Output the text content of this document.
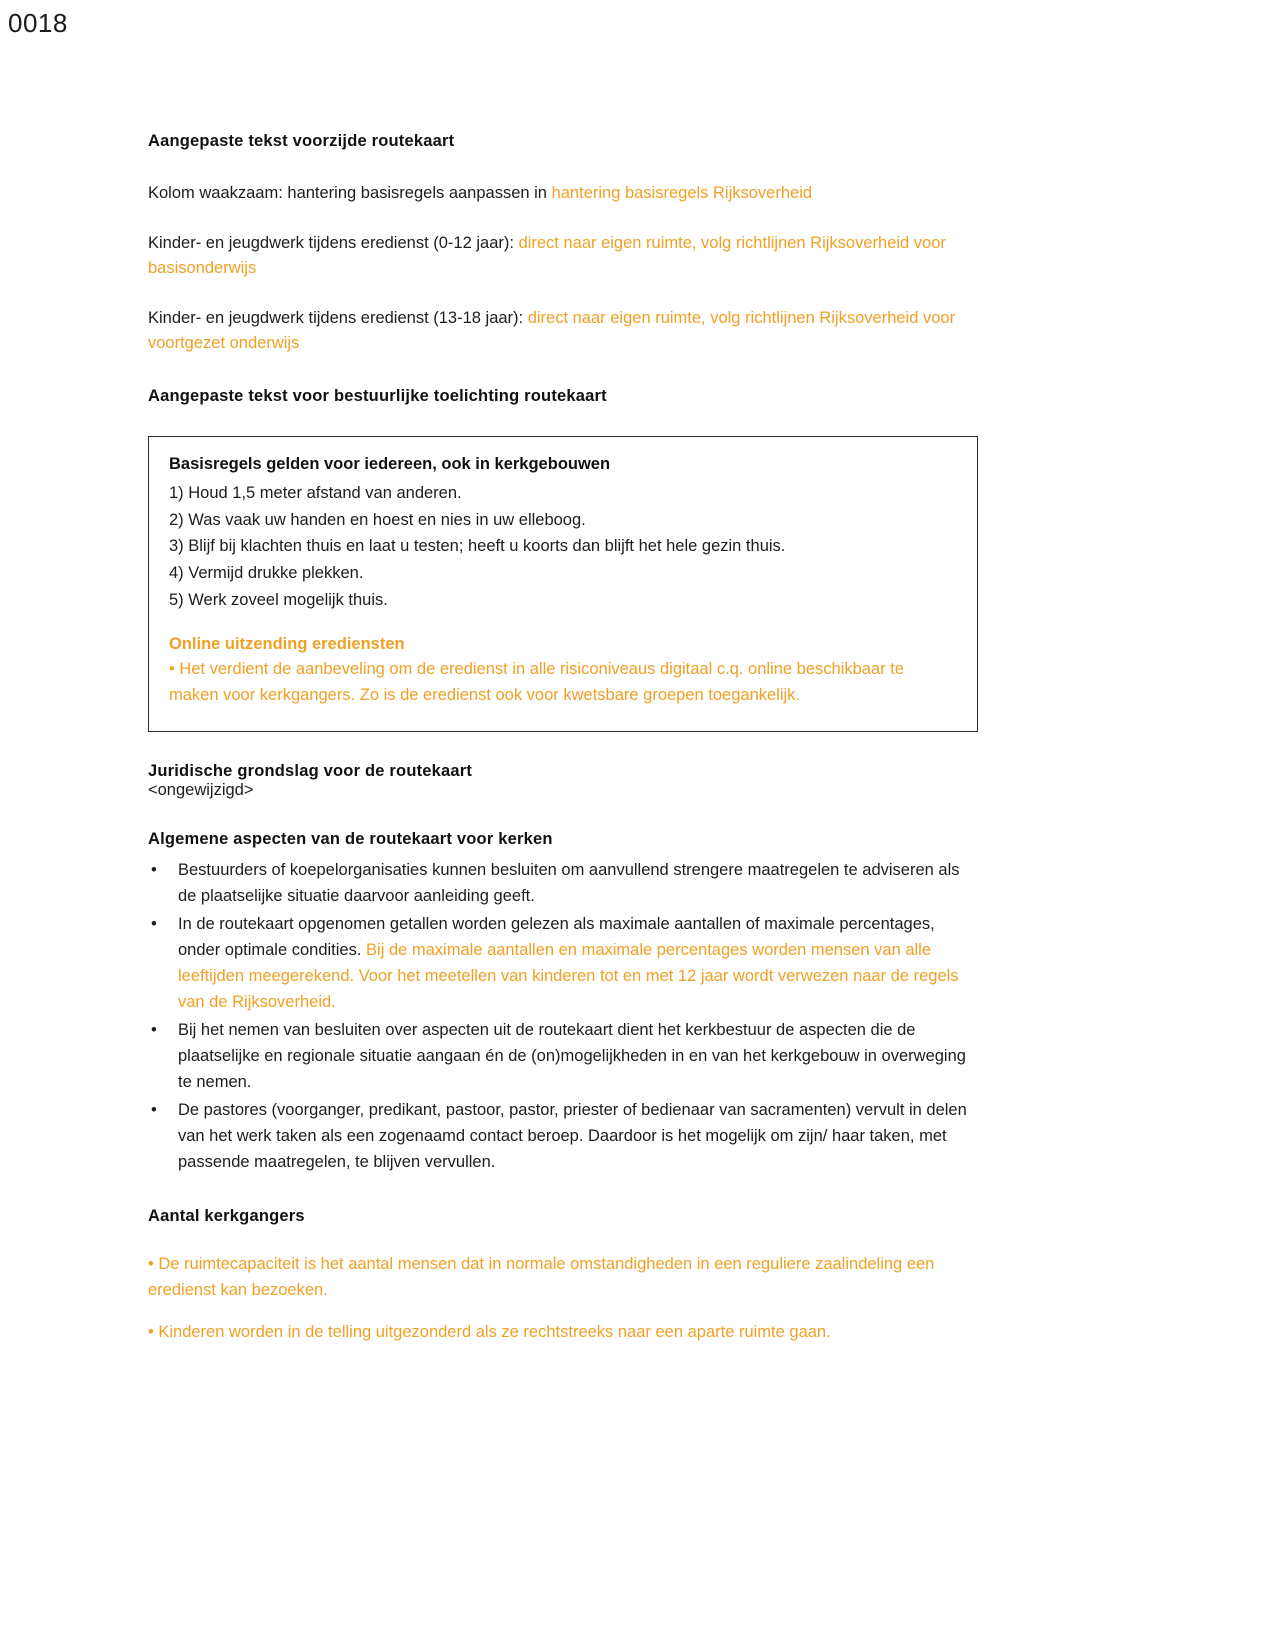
0018
Aangepaste tekst voorzijde routekaart

Kolom waakzaam: hantering basisregels aanpassen in hantering basisregels Rijksoverheid

Kinder- en jeugdwerk tijdens eredienst (0-12 jaar): direct naar eigen ruimte, volg richtlijnen Rijksoverheid voor basisonderwijs

Kinder- en jeugdwerk tijdens eredienst (13-18 jaar): direct naar eigen ruimte, volg richtlijnen Rijksoverheid voor voortgezet onderwijs

Aangepaste tekst voor bestuurlijke toelichting routekaart
Basisregels gelden voor iedereen, ook in kerkgebouwen
1) Houd 1,5 meter afstand van anderen.
2) Was vaak uw handen en hoest en nies in uw elleboog.
3) Blijf bij klachten thuis en laat u testen; heeft u koorts dan blijft het hele gezin thuis.
4) Vermijd drukke plekken.
5) Werk zoveel mogelijk thuis.
Online uitzending erediensten

• Het verdient de aanbeveling om de eredienst in alle risiconiveaus digitaal c.q. online beschikbaar te maken voor kerkgangers. Zo is de eredienst ook voor kwetsbare groepen toegankelijk.

Juridische grondslag voor de routekaart

<ongewijzigd>

Algemene aspecten van de routekaart voor kerken
• Bestuurders of koepelorganisaties kunnen besluiten om aanvullend strengere maatregelen te adviseren als de plaatselijke situatie daarvoor aanleiding geeft.
• In de routekaart opgenomen getallen worden gelezen als maximale aantallen of maximale percentages, onder optimale condities. Bij de maximale aantallen en maximale percentages worden mensen van alle leeftijden meegerekend. Voor het meetellen van kinderen tot en met 12 jaar wordt verwezen naar de regels van de Rijksoverheid.
• Bij het nemen van besluiten over aspecten uit de routekaart dient het kerkbestuur de aspecten die de plaatselijke en regionale situatie aangaan én de (on)mogelijkheden in en van het kerkgebouw in overweging te nemen.
• De pastores (voorganger, predikant, pastoor, pastor, priester of bedienaar van sacramenten) vervult in delen van het werk taken als een zogenaamd contact beroep. Daardoor is het mogelijk om zijn/ haar taken, met passende maatregelen, te blijven vervullen.
Aantal kerkgangers

• De ruimtecapaciteit is het aantal mensen dat in normale omstandigheden in een reguliere zaalindeling een eredienst kan bezoeken.

• Kinderen worden in de telling uitgezonderd als ze rechtstreeks naar een aparte ruimte gaan.
